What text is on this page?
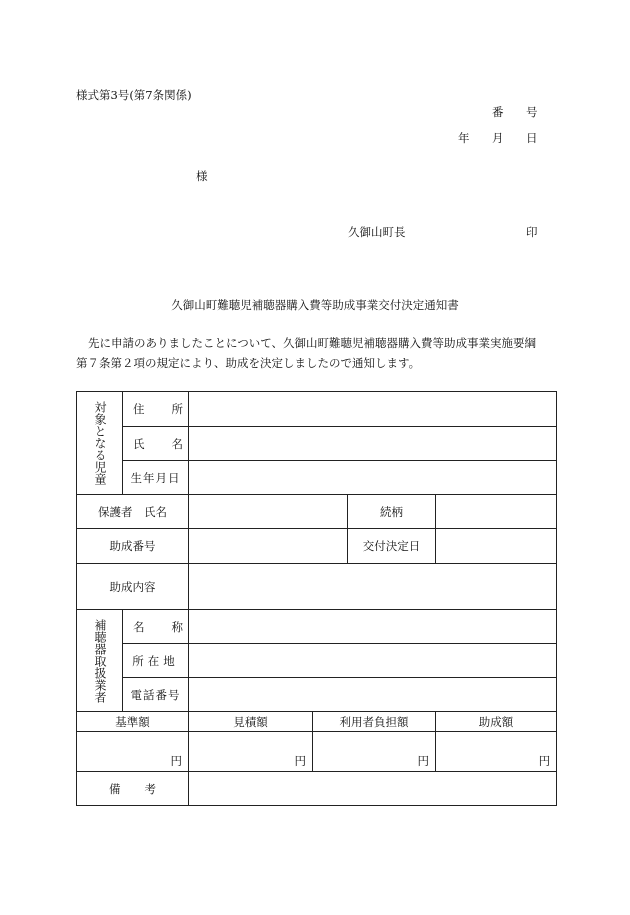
様式第3号(第7条関係)
番 号
年 月 日
様
久御山町長	印
久御山町難聴児補聴器購入費等助成事業交付決定通知書
先に申請のありましたことについて、久御山町難聴児補聴器購入費等助成事業実施要綱
第７条第２項の規定により、助成を決定しましたので通知します。
対象となる児童	住 所				

	氏 名				

	生年月日				
保護者　氏名				続柄	
助成番号				交付決定日	
助成内容					
補聴器取扱業者	名 称				

	所在地				
	電話番号				
基準額		見積額	利用者負担額		助成額
円		円	円		円

備 考					
